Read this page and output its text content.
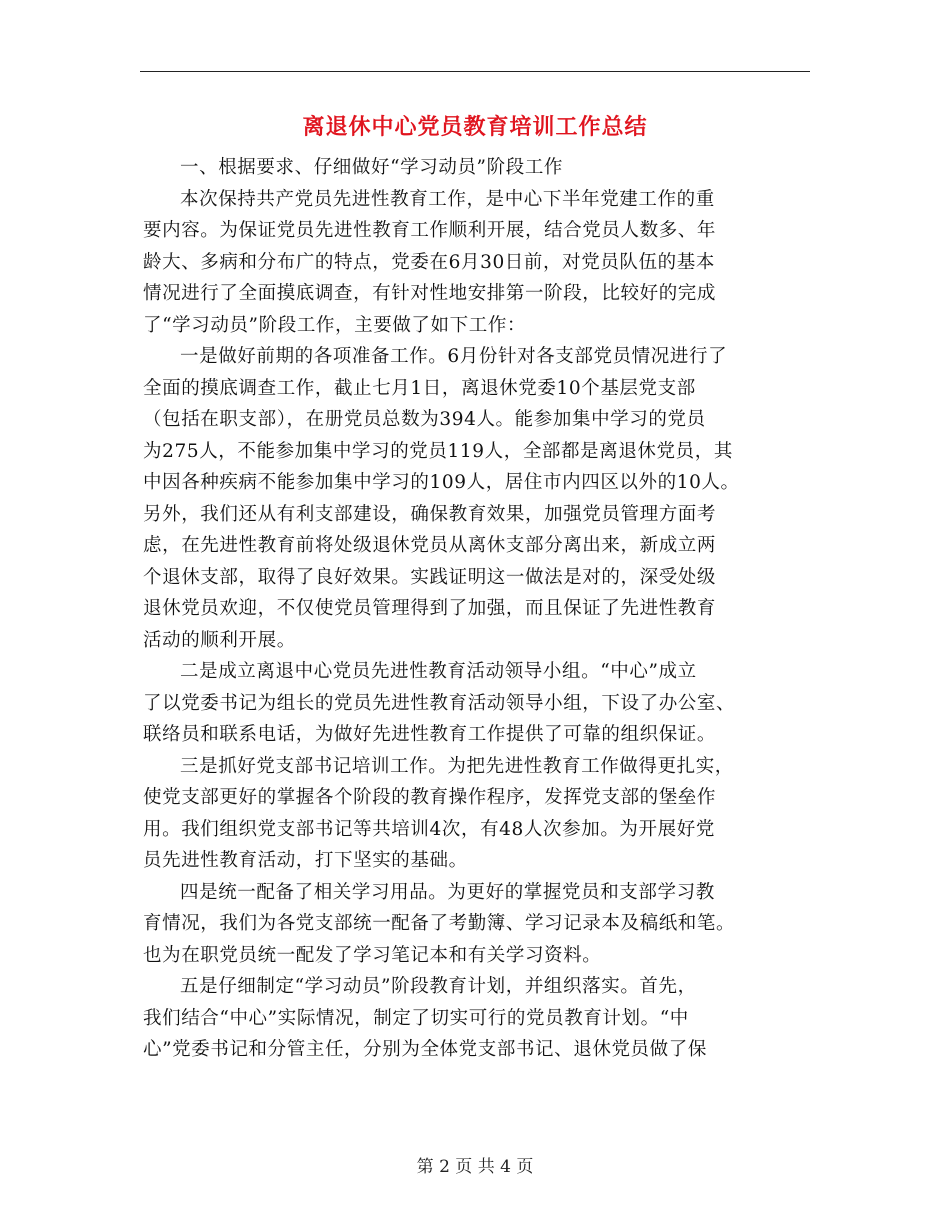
离退休中心党员教育培训工作总结
一、根据要求、仔细做好“学习动员”阶段工作
本次保持共产党员先进性教育工作，是中心下半年党建工作的重
要内容。为保证党员先进性教育工作顺利开展，结合党员人数多、年
龄大、多病和分布广的特点，党委在6月30日前，对党员队伍的基本
情况进行了全面摸底调查，有针对性地安排第一阶段，比较好的完成
了“学习动员”阶段工作，主要做了如下工作：
一是做好前期的各项准备工作。6月份针对各支部党员情况进行了
全面的摸底调查工作，截止七月1日，离退休党委10个基层党支部
（包括在职支部），在册党员总数为394人。能参加集中学习的党员
为275人，不能参加集中学习的党员119人，全部都是离退休党员，其
中因各种疾病不能参加集中学习的109人，居住市内四区以外的10人。
另外，我们还从有利支部建设，确保教育效果，加强党员管理方面考
虑，在先进性教育前将处级退休党员从离休支部分离出来，新成立两
个退休支部，取得了良好效果。实践证明这一做法是对的，深受处级
退休党员欢迎，不仅使党员管理得到了加强，而且保证了先进性教育
活动的顺利开展。
二是成立离退中心党员先进性教育活动领导小组。“中心”成立
了以党委书记为组长的党员先进性教育活动领导小组，下设了办公室、
联络员和联系电话，为做好先进性教育工作提供了可靠的组织保证。
三是抓好党支部书记培训工作。为把先进性教育工作做得更扎实，
使党支部更好的掌握各个阶段的教育操作程序，发挥党支部的堡垒作
用。我们组织党支部书记等共培训4次，有48人次参加。为开展好党
员先进性教育活动，打下坚实的基础。
四是统一配备了相关学习用品。为更好的掌握党员和支部学习教
育情况，我们为各党支部统一配备了考勤簿、学习记录本及稿纸和笔。
也为在职党员统一配发了学习笔记本和有关学习资料。
五是仔细制定“学习动员”阶段教育计划，并组织落实。首先，
我们结合“中心”实际情况，制定了切实可行的党员教育计划。“中
心”党委书记和分管主任，分别为全体党支部书记、退休党员做了保
第 2 页 共 4 页
